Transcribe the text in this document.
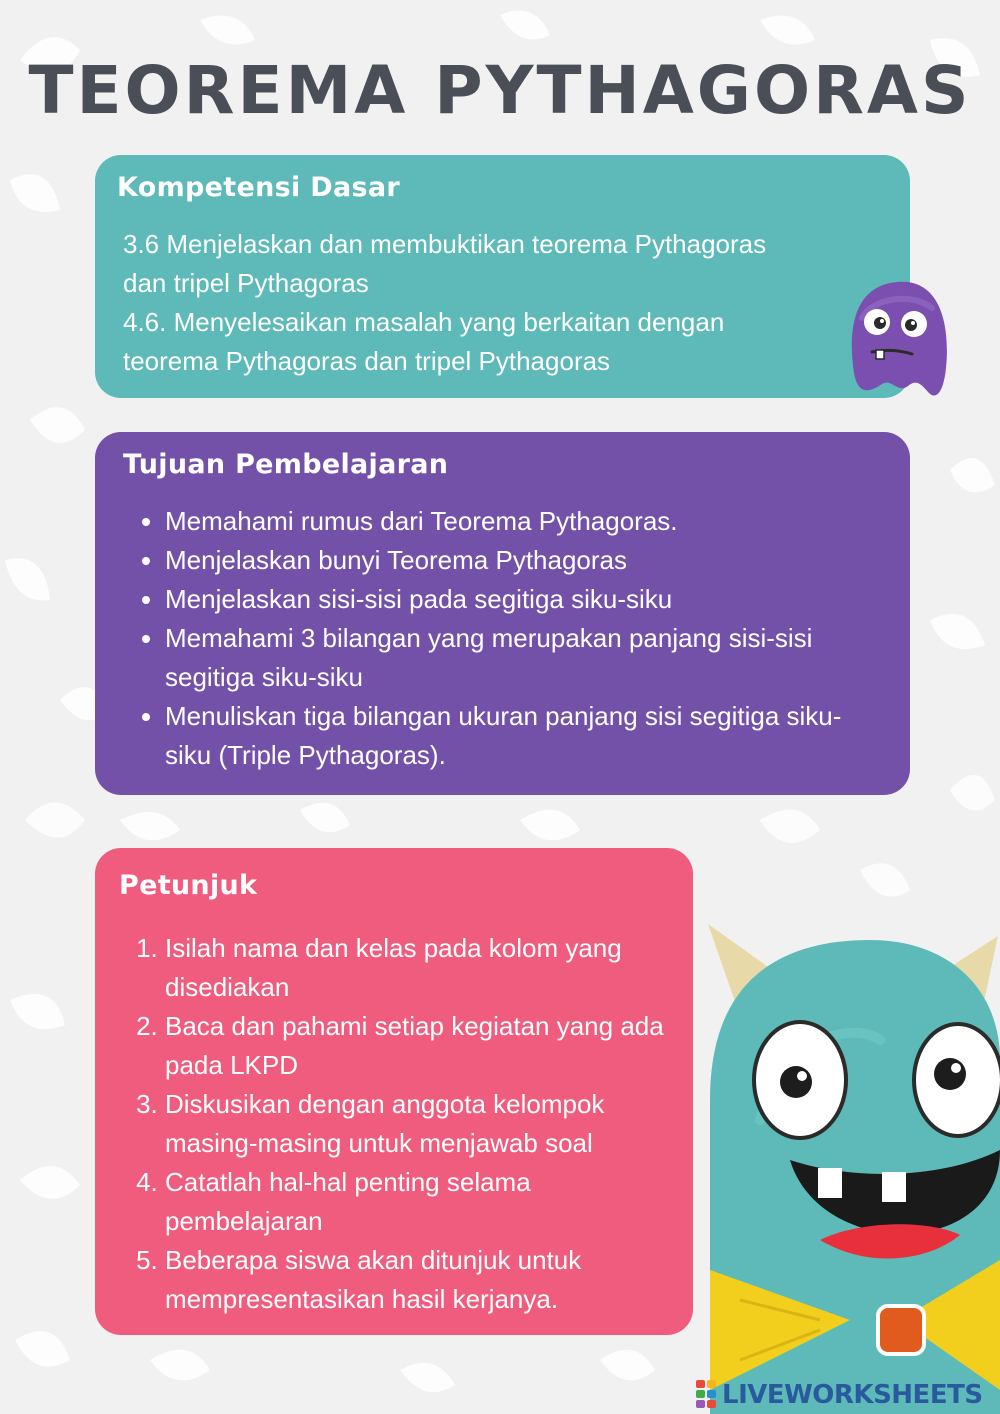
TEOREMA PYTHAGORAS
Kompetensi Dasar
3.6 Menjelaskan dan membuktikan teorema Pythagoras
dan tripel Pythagoras
4.6. Menyelesaikan masalah yang berkaitan dengan
teorema Pythagoras dan tripel Pythagoras
Tujuan Pembelajaran
• Memahami rumus dari Teorema Pythagoras.
• Menjelaskan bunyi Teorema Pythagoras
• Menjelaskan sisi-sisi pada segitiga siku-siku
• Memahami 3 bilangan yang merupakan panjang sisi-sisi segitiga siku-siku
• Menuliskan tiga bilangan ukuran panjang sisi segitiga siku-siku (Triple Pythagoras).
Petunjuk
1. Isilah nama dan kelas pada kolom yang disediakan
2. Baca dan pahami setiap kegiatan yang ada pada LKPD
3. Diskusikan dengan anggota kelompok masing-masing untuk menjawab soal
4. Catatlah hal-hal penting selama pembelajaran
5. Beberapa siswa akan ditunjuk untuk mempresentasikan hasil kerjanya.
LIVEWORKSHEETS
